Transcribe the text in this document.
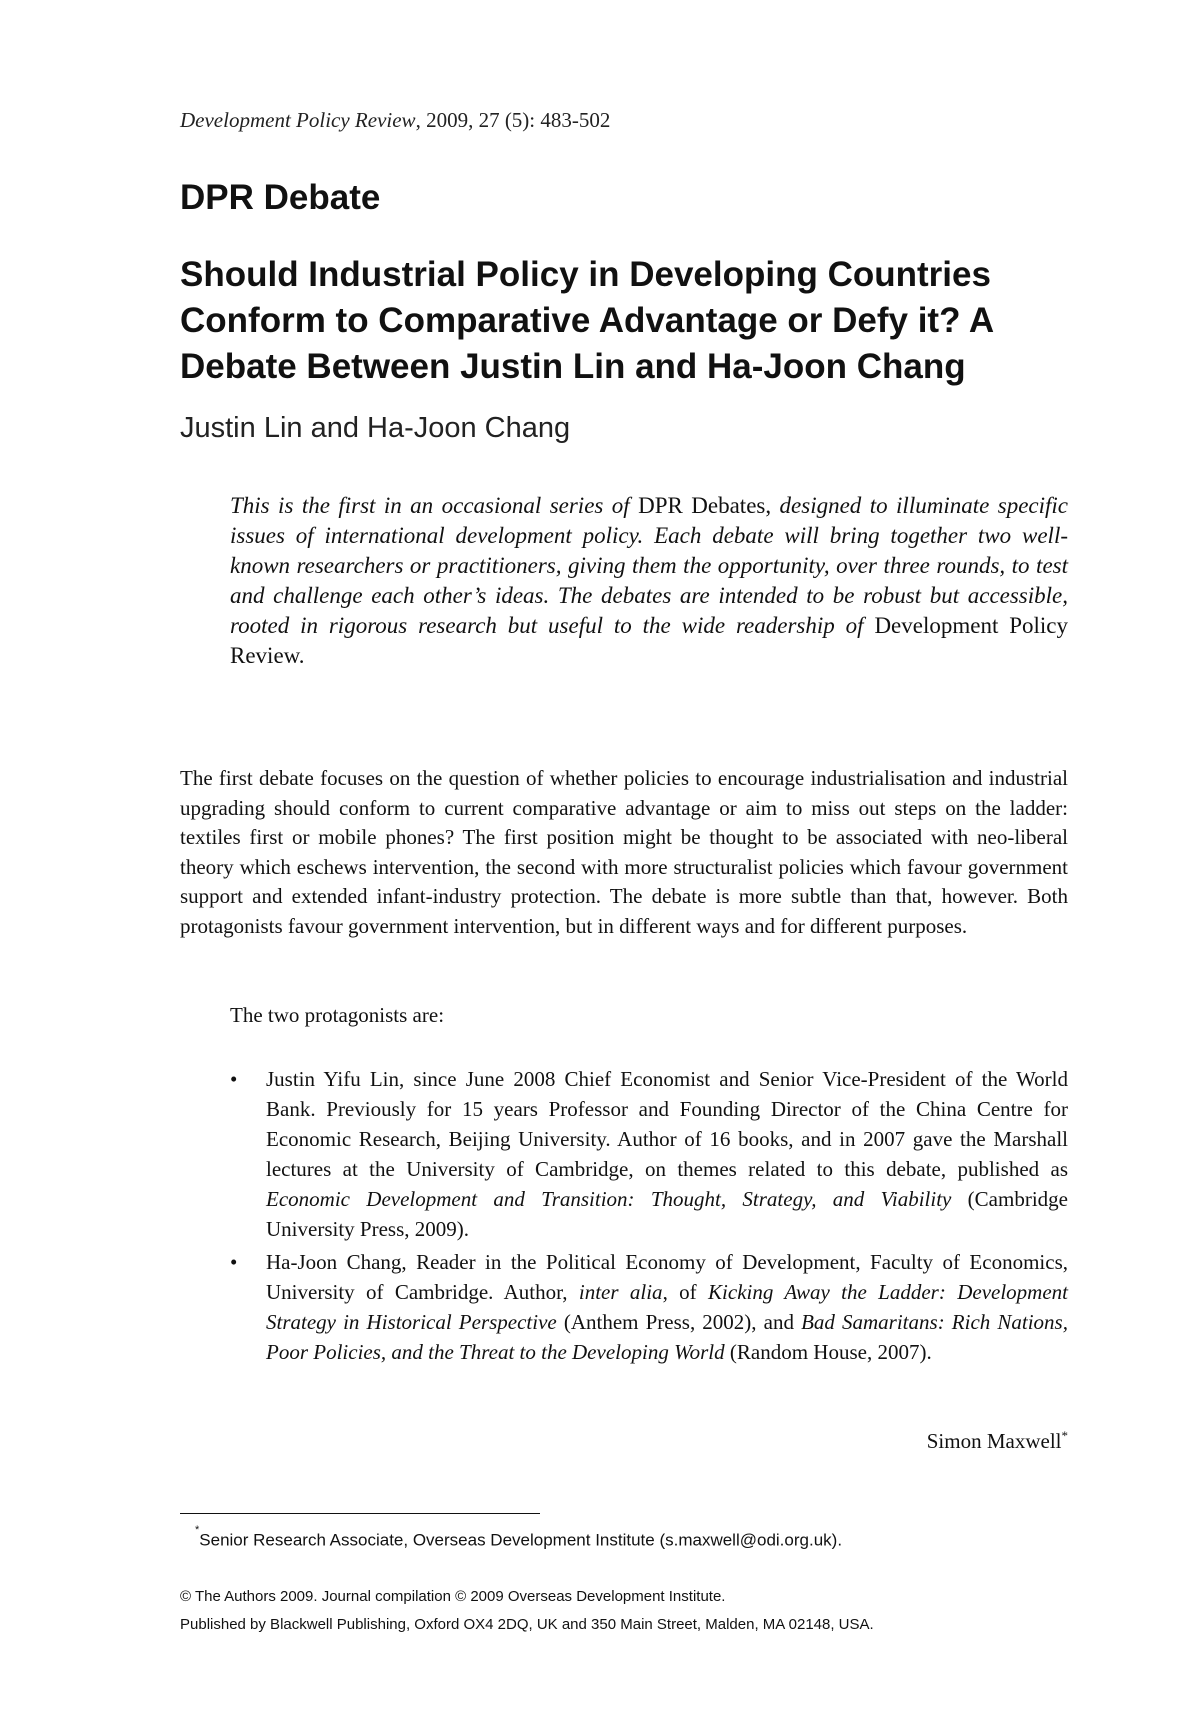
Development Policy Review, 2009, 27 (5): 483-502
DPR Debate
Should Industrial Policy in Developing Countries Conform to Comparative Advantage or Defy it? A Debate Between Justin Lin and Ha-Joon Chang
Justin Lin and Ha-Joon Chang

This is the first in an occasional series of DPR Debates, designed to illuminate specific issues of international development policy. Each debate will bring together two well-known researchers or practitioners, giving them the opportunity, over three rounds, to test and challenge each other’s ideas. The debates are intended to be robust but accessible, rooted in rigorous research but useful to the wide readership of Development Policy Review.

The first debate focuses on the question of whether policies to encourage industrialisation and industrial upgrading should conform to current comparative advantage or aim to miss out steps on the ladder: textiles first or mobile phones? The first position might be thought to be associated with neo-liberal theory which eschews intervention, the second with more structuralist policies which favour government support and extended infant-industry protection. The debate is more subtle than that, however. Both protagonists favour government intervention, but in different ways and for different purposes.

The two protagonists are:

• Justin Yifu Lin, since June 2008 Chief Economist and Senior Vice-President of the World Bank. Previously for 15 years Professor and Founding Director of the China Centre for Economic Research, Beijing University. Author of 16 books, and in 2007 gave the Marshall lectures at the University of Cambridge, on themes related to this debate, published as Economic Development and Transition: Thought, Strategy, and Viability (Cambridge University Press, 2009).
• Ha-Joon Chang, Reader in the Political Economy of Development, Faculty of Economics, University of Cambridge. Author, inter alia, of Kicking Away the Ladder: Development Strategy in Historical Perspective (Anthem Press, 2002), and Bad Samaritans: Rich Nations, Poor Policies, and the Threat to the Developing World (Random House, 2007).
Simon Maxwell*
*Senior Research Associate, Overseas Development Institute (s.maxwell@odi.org.uk).
© The Authors 2009. Journal compilation © 2009 Overseas Development Institute.
Published by Blackwell Publishing, Oxford OX4 2DQ, UK and 350 Main Street, Malden, MA 02148, USA.
